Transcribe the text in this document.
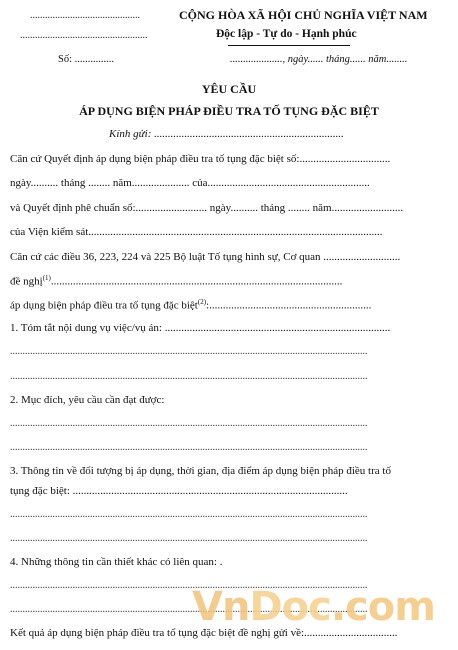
............................................
...................................................
Số: ...............
CỘNG HÒA XÃ HỘI CHỦ NGHĨA VIỆT NAM
Độc lập - Tự do - Hạnh phúc
...................., ngày...... tháng...... năm........
YÊU CẦU
ÁP DỤNG BIỆN PHÁP ĐIỀU TRA TỐ TỤNG ĐẶC BIỆT
Kính gửi: .....................................................................
Căn cứ Quyết định áp dụng biện pháp điều tra tố tụng đặc biệt số:.................................
ngày.......... tháng ........ năm..................... của...........................................................
và Quyết định phê chuẩn số:.......................... ngày.......... tháng ........ năm..........................
của Viện kiểm sát...........................................................................................................
Căn cứ các điều 36, 223, 224 và 225 Bộ luật Tố tụng hình sự, Cơ quan ............................
đề nghị$^{(1)}$..........................................................................................................
áp dụng biện pháp điều tra tố tụng đặc biệt$^{(2)}$:...........................................................
1. Tóm tắt nội dung vụ việc/vụ án: ..................................................................................
...............................................................................................................................................
...............................................................................................................................................
2. Mục đích, yêu cầu cần đạt được:
...............................................................................................................................................
...............................................................................................................................................
3. Thông tin về đối tượng bị áp dụng, thời gian, địa điểm áp dụng biện pháp điều tra tố
tụng đặc biệt: ....................................................................................................
...............................................................................................................................................
...............................................................................................................................................
4. Những thông tin cần thiết khác có liên quan: .
...............................................................................................................................................
...............................................................................................................................................
VnDoc.com
Kết quả áp dụng biện pháp điều tra tố tụng đặc biệt đề nghị gửi về:..................................
